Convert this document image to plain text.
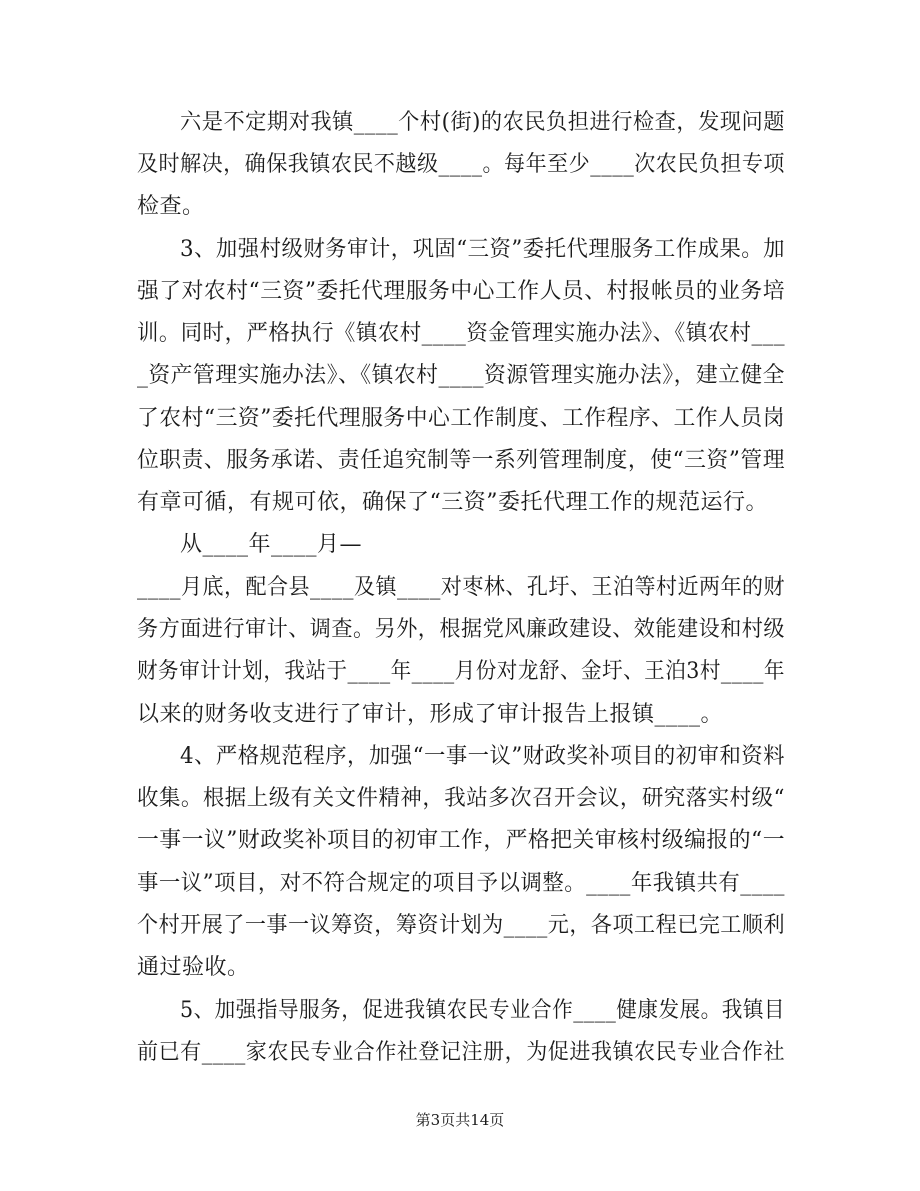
六是不定期对我镇____个村(街)的农民负担进行检查，发现问题
及时解决，确保我镇农民不越级____。每年至少____次农民负担专项
检查。
3、加强村级财务审计，巩固“三资”委托代理服务工作成果。加
强了对农村“三资”委托代理服务中心工作人员、村报帐员的业务培
训。同时，严格执行《镇农村____资金管理实施办法》、《镇农村___
_资产管理实施办法》、《镇农村____资源管理实施办法》，建立健全
了农村“三资”委托代理服务中心工作制度、工作程序、工作人员岗
位职责、服务承诺、责任追究制等一系列管理制度，使“三资”管理
有章可循，有规可依，确保了“三资”委托代理工作的规范运行。
从____年____月—
____月底，配合县____及镇____对枣林、孔圩、王泊等村近两年的财
务方面进行审计、调查。另外，根据党风廉政建设、效能建设和村级
财务审计计划，我站于____年____月份对龙舒、金圩、王泊3村____年
以来的财务收支进行了审计，形成了审计报告上报镇____。
4、严格规范程序，加强“一事一议”财政奖补项目的初审和资料
收集。根据上级有关文件精神，我站多次召开会议，研究落实村级“
一事一议”财政奖补项目的初审工作，严格把关审核村级编报的“一
事一议”项目，对不符合规定的项目予以调整。____年我镇共有____
个村开展了一事一议筹资，筹资计划为____元，各项工程已完工顺利
通过验收。
5、加强指导服务，促进我镇农民专业合作____健康发展。我镇目
前已有____家农民专业合作社登记注册，为促进我镇农民专业合作社
第3页共14页
